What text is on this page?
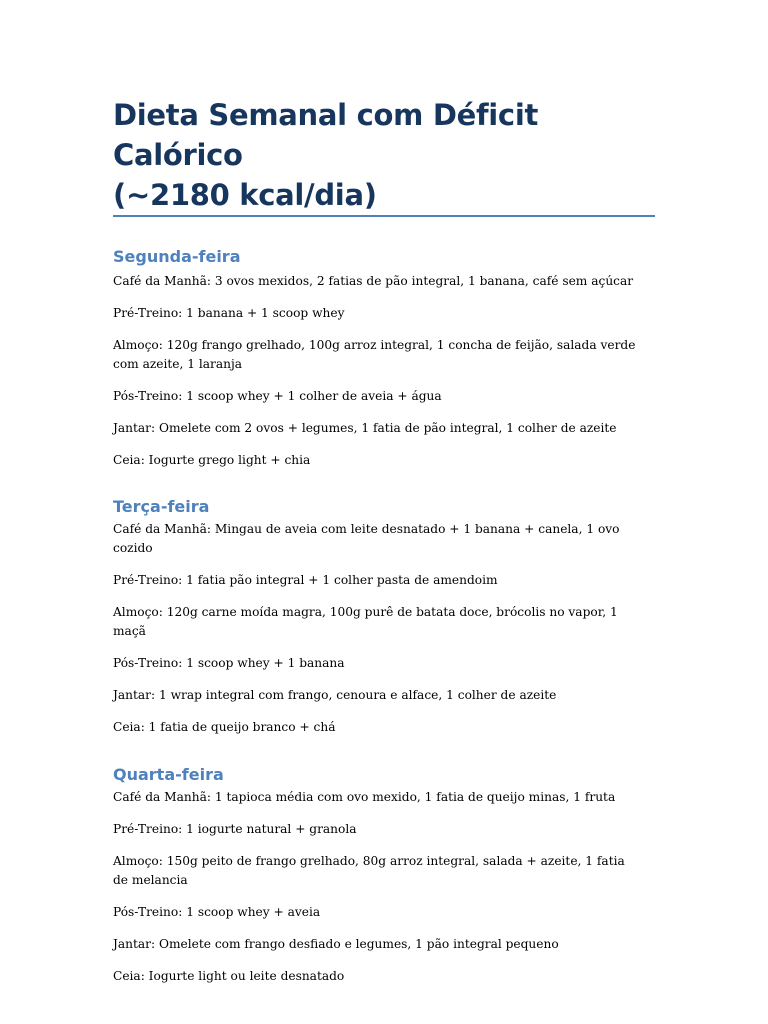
Dieta Semanal com Déficit Calórico
(~2180 kcal/dia)
Segunda-feira

Café da Manhã: 3 ovos mexidos, 2 fatias de pão integral, 1 banana, café sem açúcar

Pré-Treino: 1 banana + 1 scoop whey

Almoço: 120g frango grelhado, 100g arroz integral, 1 concha de feijão, salada verde com azeite, 1 laranja

Pós-Treino: 1 scoop whey + 1 colher de aveia + água

Jantar: Omelete com 2 ovos + legumes, 1 fatia de pão integral, 1 colher de azeite

Ceia: Iogurte grego light + chia

Terça-feira

Café da Manhã: Mingau de aveia com leite desnatado + 1 banana + canela, 1 ovo cozido

Pré-Treino: 1 fatia pão integral + 1 colher pasta de amendoim

Almoço: 120g carne moída magra, 100g purê de batata doce, brócolis no vapor, 1 maçã

Pós-Treino: 1 scoop whey + 1 banana

Jantar: 1 wrap integral com frango, cenoura e alface, 1 colher de azeite

Ceia: 1 fatia de queijo branco + chá

Quarta-feira

Café da Manhã: 1 tapioca média com ovo mexido, 1 fatia de queijo minas, 1 fruta

Pré-Treino: 1 iogurte natural + granola

Almoço: 150g peito de frango grelhado, 80g arroz integral, salada + azeite, 1 fatia de melancia

Pós-Treino: 1 scoop whey + aveia

Jantar: Omelete com frango desfiado e legumes, 1 pão integral pequeno

Ceia: Iogurte light ou leite desnatado
